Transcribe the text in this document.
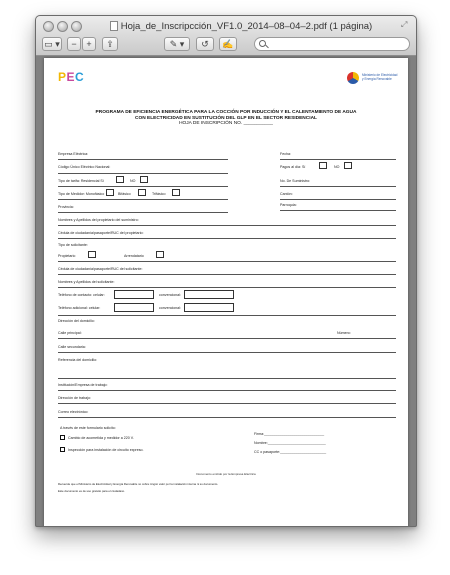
Hoja_de_Inscripcción_VF1.0_2014–08–04–2.pdf (1 página)	⤢
▭ ▾	−	+	⇪	✎ ▾	↺	✍
PEC	Ministerio de Electricidad y Energía Renovable
PROGRAMA DE EFICIENCIA ENERGÉTICA PARA LA COCCIÓN POR INDUCCIÓN Y EL CALENTAMIENTO DE AGUA
CON ELECTRICIDAD EN SUSTITUCIÓN DEL GLP EN EL SECTOR RESIDENCIAL
HOJA DE INSCRIPCIÓN NO. ___________
Empresa Eléctrica:	Fecha:
Código Único Eléctrico Nacional:	Pagos al día: Sí	NO
Tipo de tarifa: Residencial Sí	NO	No. De Suministro:
Tipo de Medidor: Monofásico	Bifásico	Trifásico	Cantón:
Provincia:	Parroquia:
Nombres y Apellidos del propietario del suministro:
Cédula de ciudadanía/pasaporte/RUC del propietario:
Tipo de solicitante:
Propietario	Arrendatario
Cédula de ciudadanía/pasaporte/RUC del solicitante:
Nombres y Apellidos del solicitante:
Teléfono de contacto: celular:	convencional:
Teléfono adicional: celular:	convencional:
Dirección del domicilio:
Calle principal:	Número:
Calle secundaria:
Referencia del domicilio:
Institución/Empresa de trabajo:
Dirección de trabajo:
Correo electrónico:
A través de este formulario solicito:
Cambio de acometida y medidor a 220 V.
Inspección para instalación de circuito expreso.
Firma:______________________________
Nombre:_____________________________
CC o pasaporte:_______________________
Documento emitido por la Empresa Eléctrica
Recuerde que el Ministerio de Electricidad y Energía Renovable no cobra ningún valor por la instalación interna ni su documento.
Este documento es de uso gratuito para el ciudadano.
